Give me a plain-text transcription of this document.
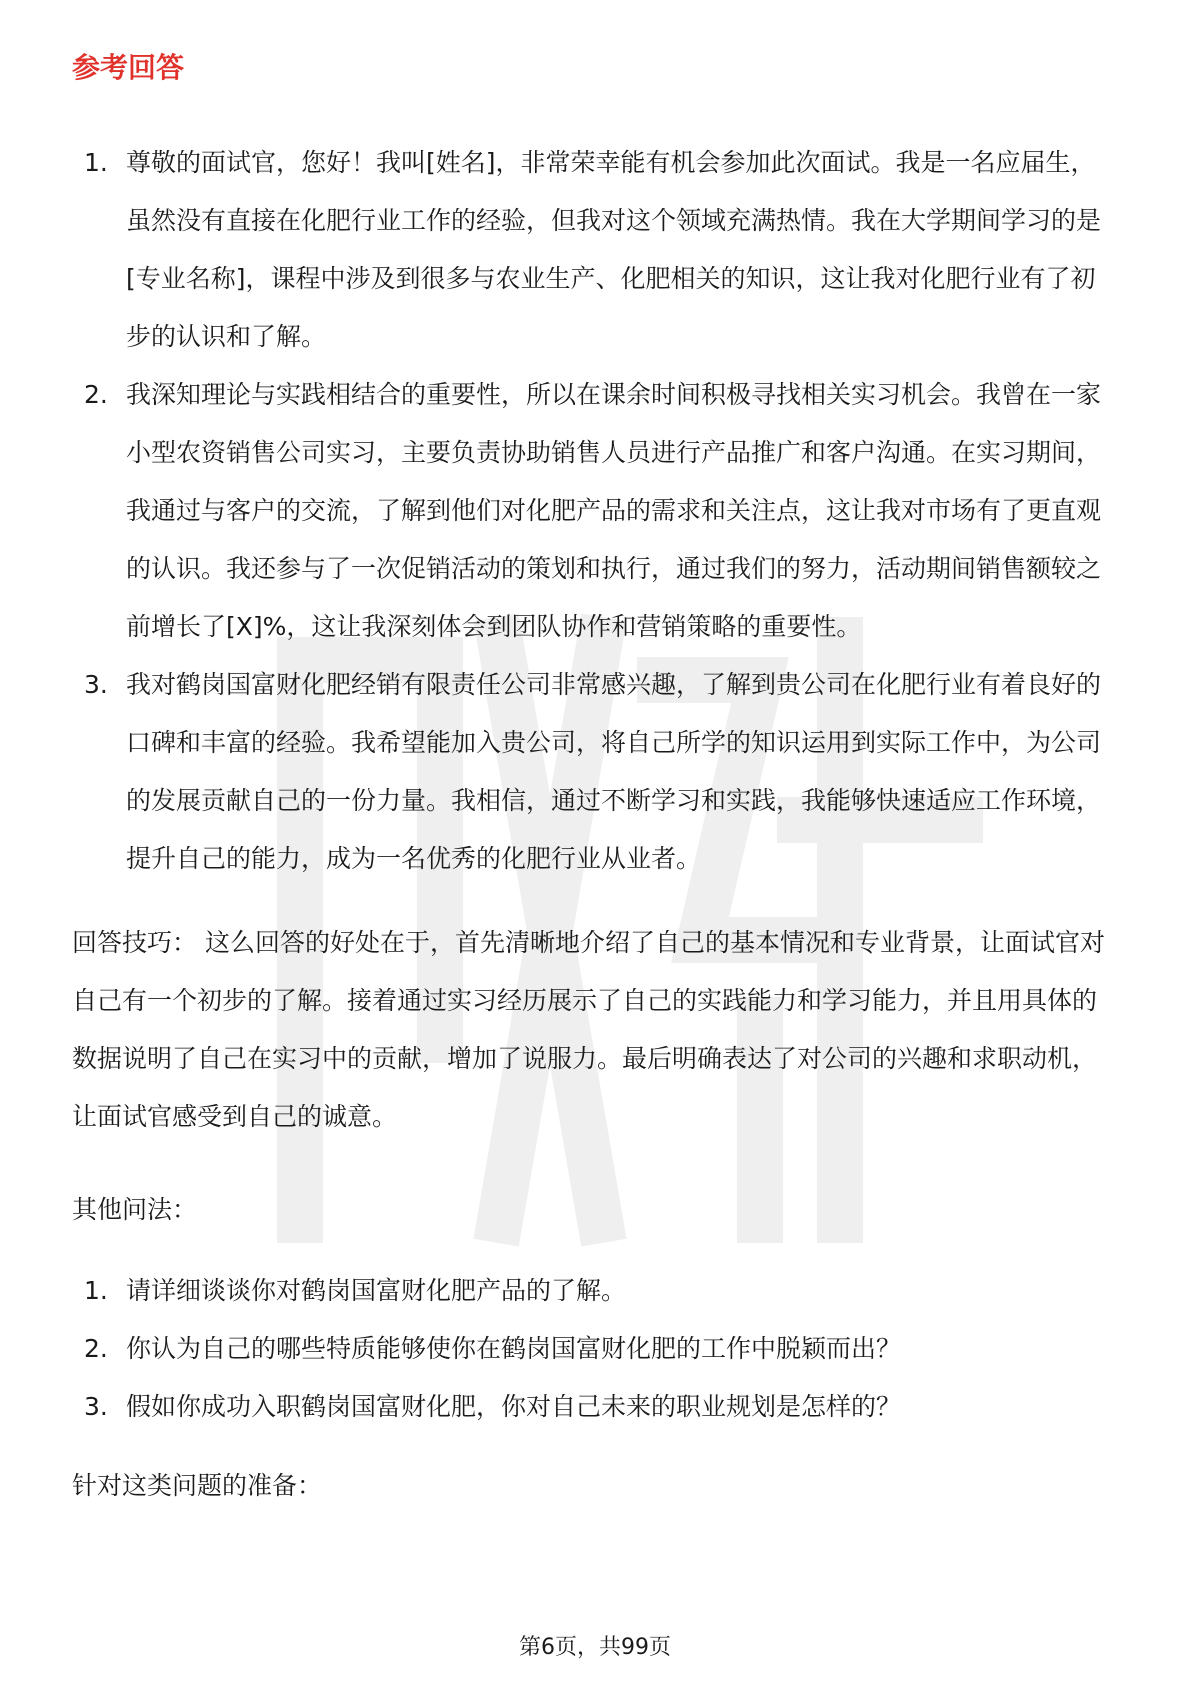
参考回答
1. 尊敬的面试官，您好！我叫[姓名]，非常荣幸能有机会参加此次面试。我是一名应届生，虽然没有直接在化肥行业工作的经验，但我对这个领域充满热情。我在大学期间学习的是[专业名称]，课程中涉及到很多与农业生产、化肥相关的知识，这让我对化肥行业有了初步的认识和了解。
2. 我深知理论与实践相结合的重要性，所以在课余时间积极寻找相关实习机会。我曾在一家小型农资销售公司实习，主要负责协助销售人员进行产品推广和客户沟通。在实习期间，我通过与客户的交流，了解到他们对化肥产品的需求和关注点，这让我对市场有了更直观的认识。我还参与了一次促销活动的策划和执行，通过我们的努力，活动期间销售额较之前增长了[X]%，这让我深刻体会到团队协作和营销策略的重要性。
3. 我对鹤岗国富财化肥经销有限责任公司非常感兴趣，了解到贵公司在化肥行业有着良好的口碑和丰富的经验。我希望能加入贵公司，将自己所学的知识运用到实际工作中，为公司的发展贡献自己的一份力量。我相信，通过不断学习和实践，我能够快速适应工作环境，提升自己的能力，成为一名优秀的化肥行业从业者。

回答技巧： 这么回答的好处在于，首先清晰地介绍了自己的基本情况和专业背景，让面试官对自己有一个初步的了解。接着通过实习经历展示了自己的实践能力和学习能力，并且用具体的数据说明了自己在实习中的贡献，增加了说服力。最后明确表达了对公司的兴趣和求职动机，让面试官感受到自己的诚意。

其他问法：
1. 请详细谈谈你对鹤岗国富财化肥产品的了解。
2. 你认为自己的哪些特质能够使你在鹤岗国富财化肥的工作中脱颖而出？
3. 假如你成功入职鹤岗国富财化肥，你对自己未来的职业规划是怎样的？
针对这类问题的准备：
第6页，共99页
